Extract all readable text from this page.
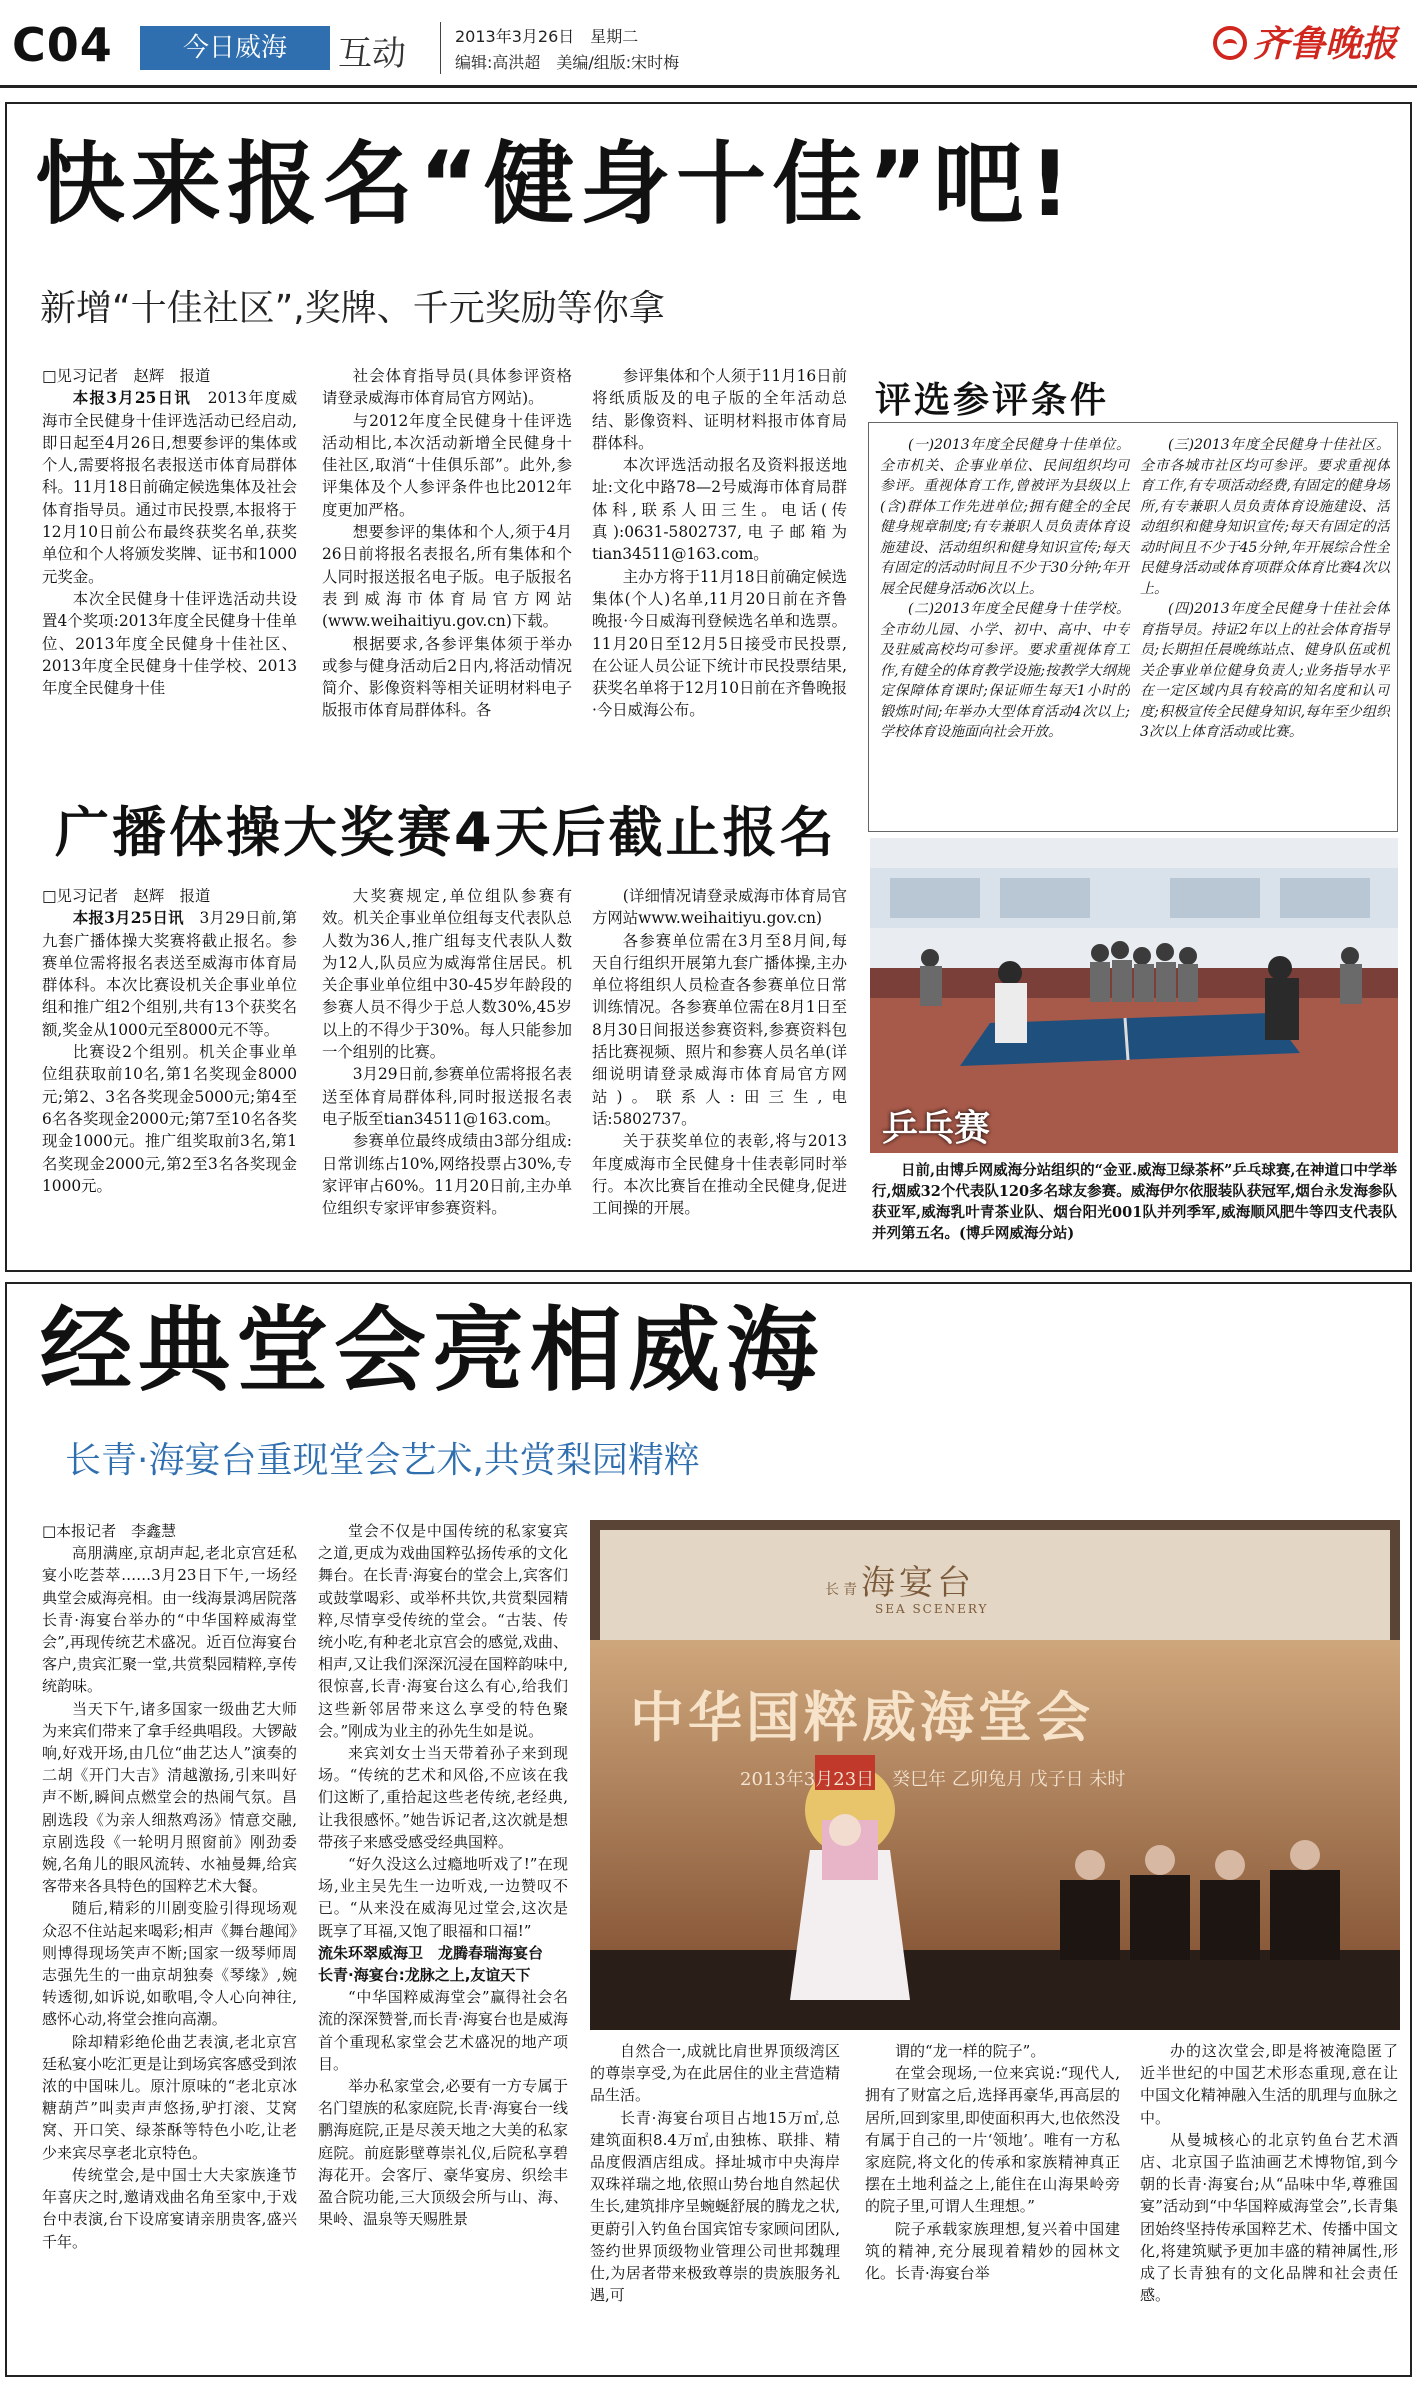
C04	今日威海	互动	2013年3月26日　星期二
编辑:高洪超　美编/组版:宋时梅	齐鲁晚报
快来报名“健身十佳”吧!
新增“十佳社区”,奖牌、千元奖励等你拿

□见习记者　赵辉　报道

本报3月25日讯　 2013年度威海市全民健身十佳评选活动已经启动,即日起至4月26日,想要参评的集体或个人,需要将报名表报送市体育局群体科。11月18日前确定候选集体及社会体育指导员。通过市民投票,本报将于12月10日前公布最终获奖名单,获奖单位和个人将颁发奖牌、证书和1000元奖金。

本次全民健身十佳评选活动共设置4个奖项:2013年度全民健身十佳单位、2013年度全民健身十佳社区、2013年度全民健身十佳学校、2013年度全民健身十佳

社会体育指导员(具体参评资格请登录威海市体育局官方网站)。

与2012年度全民健身十佳评选活动相比,本次活动新增全民健身十佳社区,取消“十佳俱乐部”。此外,参评集体及个人参评条件也比2012年度更加严格。

想要参评的集体和个人,须于4月26日前将报名表报名,所有集体和个人同时报送报名电子版。电子版报名表到威海市体育局官方网站(www.weihaitiyu.gov.cn)下载。

根据要求,各参评集体须于举办或参与健身活动后2日内,将活动情况简介、影像资料等相关证明材料电子版报市体育局群体科。各

参评集体和个人须于11月16日前将纸质版及的电子版的全年活动总结、影像资料、证明材料报市体育局群体科。

本次评选活动报名及资料报送地址:文化中路78—2号威海市体育局群体科,联系人田三生。电话(传真):0631-5802737,电子邮箱为tian34511@163.com。

主办方将于11月18日前确定候选集体(个人)名单,11月20日前在齐鲁晚报·今日威海刊登候选名单和选票。11月20日至12月5日接受市民投票,在公证人员公证下统计市民投票结果,获奖名单将于12月10日前在齐鲁晚报·今日威海公布。

评选参评条件

(一)2013年度全民健身十佳单位。全市机关、企事业单位、民间组织均可参评。重视体育工作,曾被评为县级以上(含)群体工作先进单位;拥有健全的全民健身规章制度;有专兼职人员负责体育设施建设、活动组织和健身知识宣传;每天有固定的活动时间且不少于30分钟;年开展全民健身活动6次以上。

(二)2013年度全民健身十佳学校。全市幼儿园、小学、初中、高中、中专及驻威高校均可参评。要求重视体育工作,有健全的体育教学设施;按教学大纲规定保障体育课时;保证师生每天1小时的锻炼时间;年举办大型体育活动4次以上;学校体育设施面向社会开放。

(三)2013年度全民健身十佳社区。全市各城市社区均可参评。要求重视体育工作,有专项活动经费,有固定的健身场所,有专兼职人员负责体育设施建设、活动组织和健身知识宣传;每天有固定的活动时间且不少于45分钟,年开展综合性全民健身活动或体育项群众体育比赛4次以上。

(四)2013年度全民健身十佳社会体育指导员。持证2年以上的社会体育指导员;长期担任晨晚练站点、健身队伍或机关企事业单位健身负责人;业务指导水平在一定区域内具有较高的知名度和认可度;积极宣传全民健身知识,每年至少组织3次以上体育活动或比赛。

广播体操大奖赛4天后截止报名

□见习记者　赵辉　报道

本报3月25日讯　 3月29日前,第九套广播体操大奖赛将截止报名。参赛单位需将报名表送至威海市体育局群体科。本次比赛设机关企事业单位组和推广组2个组别,共有13个获奖名额,奖金从1000元至8000元不等。

比赛设2个组别。机关企事业单位组获取前10名,第1名奖现金8000元;第2、3名各奖现金5000元;第4至6名各奖现金2000元;第7至10名各奖现金1000元。推广组奖取前3名,第1名奖现金2000元,第2至3名各奖现金1000元。

大奖赛规定,单位组队参赛有效。机关企事业单位组每支代表队总人数为36人,推广组每支代表队人数为12人,队员应为威海常住居民。机关企事业单位组中30-45岁年龄段的参赛人员不得少于总人数30%,45岁以上的不得少于30%。每人只能参加一个组别的比赛。

3月29日前,参赛单位需将报名表送至体育局群体科,同时报送报名表电子版至tian34511@163.com。

参赛单位最终成绩由3部分组成:日常训练占10%,网络投票占30%,专家评审占60%。11月20日前,主办单位组织专家评审参赛资料。

(详细情况请登录威海市体育局官方网站www.weihaitiyu.gov.cn)

各参赛单位需在3月至8月间,每天自行组织开展第九套广播体操,主办单位将组织人员检查各参赛单位日常训练情况。各参赛单位需在8月1日至8月30日间报送参赛资料,参赛资料包括比赛视频、照片和参赛人员名单(详细说明请登录威海市体育局官方网站)。联系人:田三生,电话:5802737。

关于获奖单位的表彰,将与2013年度威海市全民健身十佳表彰同时举行。本次比赛旨在推动全民健身,促进工间操的开展。

乒乓赛

日前,由博乒网威海分站组织的“金亚.威海卫绿茶杯”乒乓球赛,在神道口中学举行,烟威32个代表队120多名球友参赛。威海伊尔依服装队获冠军,烟台永发海参队获亚军,威海乳叶青茶业队、烟台阳光001队并列季军,威海顺风肥牛等四支代表队并列第五名。(博乒网威海分站)

经典堂会亮相威海
长青·海宴台重现堂会艺术,共赏梨园精粹

□本报记者　李鑫慧

高朋满座,京胡声起,老北京宫廷私宴小吃荟萃……3月23日下午,一场经典堂会威海亮相。由一线海景鸿居院落长青·海宴台举办的“中华国粹威海堂会”,再现传统艺术盛况。近百位海宴台客户,贵宾汇聚一堂,共赏梨园精粹,享传统韵味。

当天下午,诸多国家一级曲艺大师为来宾们带来了拿手经典唱段。大锣敲响,好戏开场,由几位“曲艺达人”演奏的二胡《开门大吉》清越激扬,引来叫好声不断,瞬间点燃堂会的热闹气氛。昌剧选段《为亲人细熬鸡汤》情意交融,京剧选段《一轮明月照窗前》刚劲委婉,名角儿的眼风流转、水袖曼舞,给宾客带来各具特色的国粹艺术大餐。

随后,精彩的川剧变脸引得现场观众忍不住站起来喝彩;相声《舞台趣闻》则博得现场笑声不断;国家一级琴师周志强先生的一曲京胡独奏《琴缘》,婉转透彻,如诉说,如歌唱,令人心向神往,感怀心动,将堂会推向高潮。

除却精彩绝伦曲艺表演,老北京宫廷私宴小吃汇更是让到场宾客感受到浓浓的中国味儿。原汁原味的“老北京冰糖葫芦”叫卖声声悠扬,驴打滚、艾窝窝、开口笑、绿茶酥等特色小吃,让老少来宾尽享老北京特色。

传统堂会,是中国士大夫家族逢节年喜庆之时,邀请戏曲名角至家中,于戏台中表演,台下设席宴请亲朋贵客,盛兴千年。

堂会不仅是中国传统的私家宴宾之道,更成为戏曲国粹弘扬传承的文化舞台。在长青·海宴台的堂会上,宾客们或鼓掌喝彩、或举杯共饮,共赏梨园精粹,尽情享受传统的堂会。“古装、传统小吃,有种老北京宫会的感觉,戏曲、相声,又让我们深深沉浸在国粹韵味中,很惊喜,长青·海宴台这么有心,给我们这些新邻居带来这么享受的特色聚会。”刚成为业主的孙先生如是说。

来宾刘女士当天带着孙子来到现场。“传统的艺术和风俗,不应该在我们这断了,重拾起这些老传统,老经典,让我很感怀。”她告诉记者,这次就是想带孩子来感受感受经典国粹。

“好久没这么过瘾地听戏了!”在现场,业主吴先生一边听戏,一边赞叹不已。“从来没在威海见过堂会,这次是既享了耳福,又饱了眼福和口福!”

流朱环翠威海卫　龙腾春瑞海宴台

长青·海宴台:龙脉之上,友谊天下

“中华国粹威海堂会”赢得社会名流的深深赞誉,而长青·海宴台也是威海首个重现私家堂会艺术盛况的地产项目。

举办私家堂会,必要有一方专属于名门望族的私家庭院,长青·海宴台一线鹏海庭院,正是尽羡天地之大美的私家庭院。前庭影壁尊崇礼仪,后院私享碧海花开。会客厅、豪华宴房、织绘丰盈合院功能,三大顶级会所与山、海、果岭、温泉等天赐胜景

长青海宴台
SEA SCENERY
中华国粹威海堂会
2013年3月23日　癸巳年 乙卯兔月 戊子日 未时

自然合一,成就比肩世界顶级湾区的尊崇享受,为在此居住的业主营造精品生活。

长青·海宴台项目占地15万㎡,总建筑面积8.4万㎡,由独栋、联排、精品度假酒店组成。择址城市中央海岸双珠祥瑞之地,依照山势台地自然起伏生长,建筑排序呈蜿蜒舒展的腾龙之状,更蔚引入钓鱼台国宾馆专家顾问团队,签约世界顶级物业管理公司世邦魏理仕,为居者带来极致尊崇的贵族服务礼遇,可

谓的“龙一样的院子”。

在堂会现场,一位来宾说:“现代人,拥有了财富之后,选择再豪华,再高层的居所,回到家里,即使面积再大,也依然没有属于自己的一片‘领地’。唯有一方私家庭院,将文化的传承和家族精神真正摆在土地利益之上,能住在山海果岭旁的院子里,可谓人生理想。”

院子承载家族理想,复兴着中国建筑的精神,充分展现着精妙的园林文化。长青·海宴台举

办的这次堂会,即是将被淹隐匿了近半世纪的中国艺术形态重现,意在让中国文化精神融入生活的肌理与血脉之中。

从曼城核心的北京钓鱼台艺术酒店、北京国子监油画艺术博物馆,到今朝的长青·海宴台;从“品味中华,尊雅国宴”活动到“中华国粹威海堂会”,长青集团始终坚持传承国粹艺术、传播中国文化,将建筑赋予更加丰盛的精神属性,形成了长青独有的文化品牌和社会责任感。
